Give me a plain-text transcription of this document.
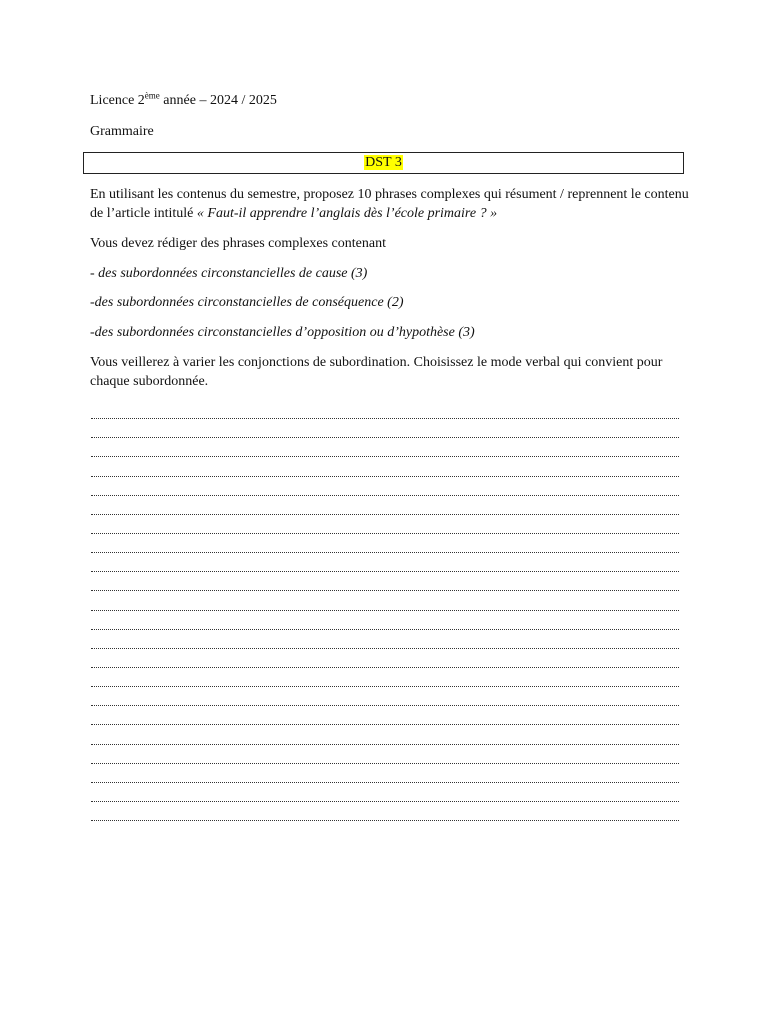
Licence 2ème année – 2024 / 2025
Grammaire
DST 3

En utilisant les contenus du semestre, proposez 10 phrases complexes qui résument / reprennent le contenu de l’article intitulé « Faut-il apprendre l’anglais dès l’école primaire ? »

Vous devez rédiger des phrases complexes contenant

- des subordonnées circonstancielles de cause (3)

-des subordonnées circonstancielles de conséquence (2)

-des subordonnées circonstancielles d’opposition ou d’hypothèse (3)

Vous veillerez à varier les conjonctions de subordination. Choisissez le mode verbal qui convient pour chaque subordonnée.
